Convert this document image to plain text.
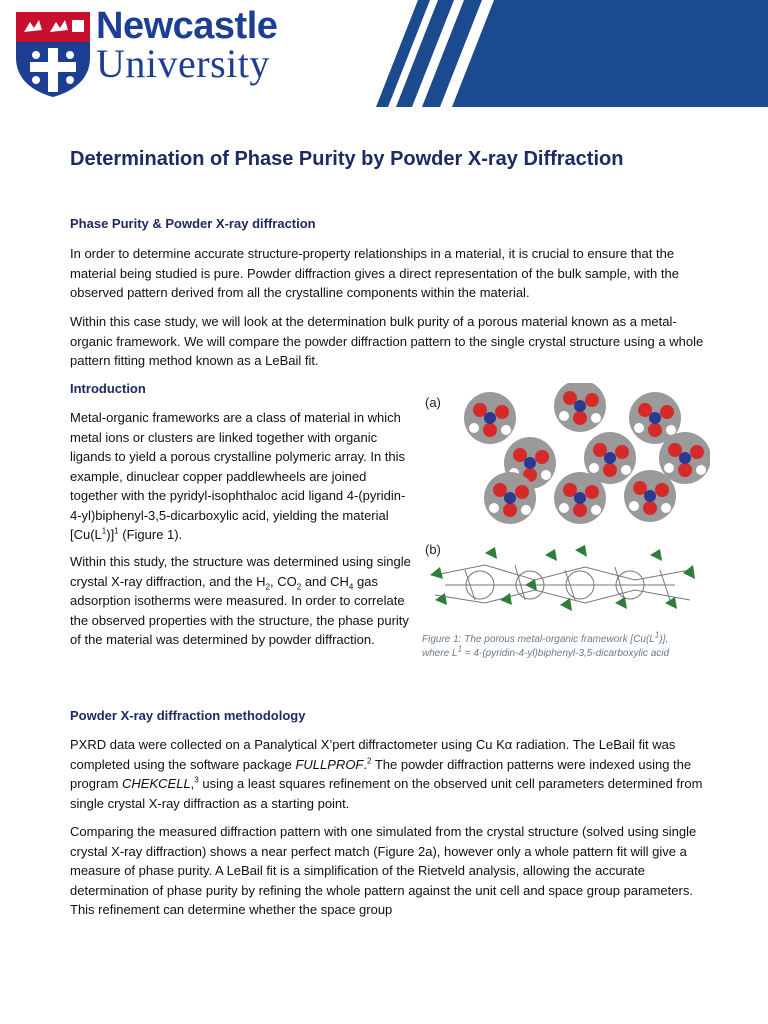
Newcastle
University
Determination of Phase Purity by Powder X-ray Diffraction
Phase Purity & Powder X-ray diffraction

In order to determine accurate structure-property relationships in a material, it is crucial to ensure that the material being studied is pure. Powder diffraction gives a direct representation of the bulk sample, with the observed pattern derived from all the crystalline components within the material.

Within this case study, we will look at the determination bulk purity of a porous material known as a metal-organic framework. We will compare the powder diffraction pattern to the single crystal structure using a whole pattern fitting method known as a LeBail fit.

Introduction

Metal-organic frameworks are a class of material in which metal ions or clusters are linked together with organic ligands to yield a porous crystalline polymeric array. In this example, dinuclear copper paddlewheels are joined together with the pyridyl-isophthaloc acid ligand 4-(pyridin-4-yl)biphenyl-3,5-dicarboxylic acid, yielding the material $[Cu(L^1)]^1$ (Figure 1).

Within this study, the structure was determined using single crystal X-ray diffraction, and the $H_2$, $CO_2$ and $CH_4$ gas adsorption isotherms were measured. In order to correlate the observed properties with the structure, the phase purity of the material was determined by powder diffraction.

(a)
(b)
Figure 1: The porous metal-organic framework $[Cu(L^1)]$,
where $L^1$ = 4-(pyridin-4-yl)biphenyl-3,5-dicarboxylic acid
Powder X-ray diffraction methodology

PXRD data were collected on a Panalytical X’pert diffractometer using Cu Kα radiation. The LeBail fit was completed using the software package FULLPROF.$^2$ The powder diffraction patterns were indexed using the program CHEKCELL,$^3$ using a least squares refinement on the observed unit cell parameters determined from single crystal X-ray diffraction as a starting point.

Comparing the measured diffraction pattern with one simulated from the crystal structure (solved using single crystal X-ray diffraction) shows a near perfect match (Figure 2a), however only a whole pattern fit will give a measure of phase purity. A LeBail fit is a simplification of the Rietveld analysis, allowing the accurate determination of phase purity by refining the whole pattern against the unit cell and space group parameters. This refinement can determine whether the space group
